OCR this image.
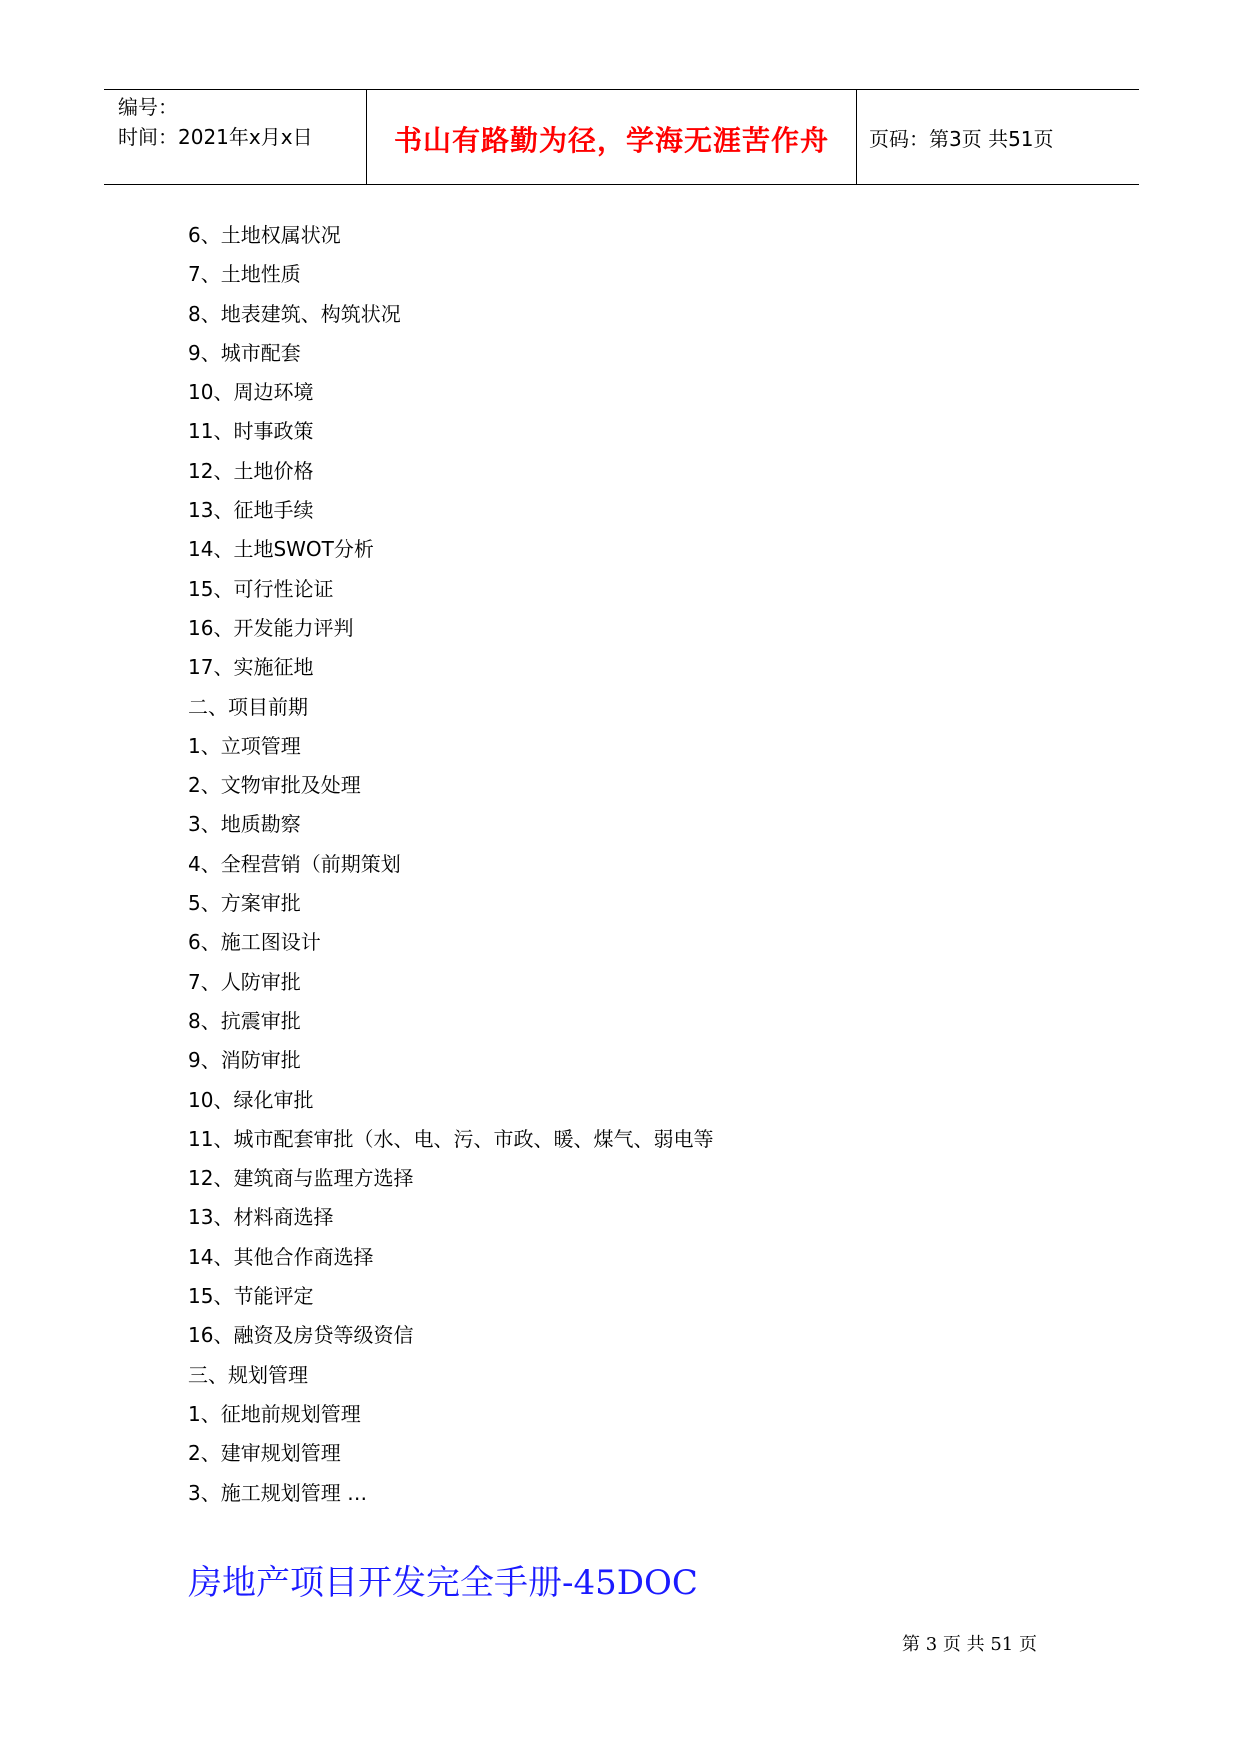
编号：
时间：2021年x月x日	书山有路勤为径，学海无涯苦作舟 页码：第3页 共51页
6、土地权属状况
7、土地性质
8、地表建筑、构筑状况
9、城市配套
10、周边环境
11、时事政策
12、土地价格
13、征地手续
14、土地SWOT分析
15、可行性论证
16、开发能力评判
17、实施征地
二、项目前期
1、立项管理
2、文物审批及处理
3、地质勘察
4、全程营销（前期策划
5、方案审批
6、施工图设计
7、人防审批
8、抗震审批
9、消防审批
10、绿化审批
11、城市配套审批（水、电、污、市政、暖、煤气、弱电等
12、建筑商与监理方选择
13、材料商选择
14、其他合作商选择
15、节能评定
16、融资及房贷等级资信
三、规划管理
1、征地前规划管理
2、建审规划管理
3、施工规划管理 …
房地产项目开发完全手册-45DOC
第 3 页 共 51 页
